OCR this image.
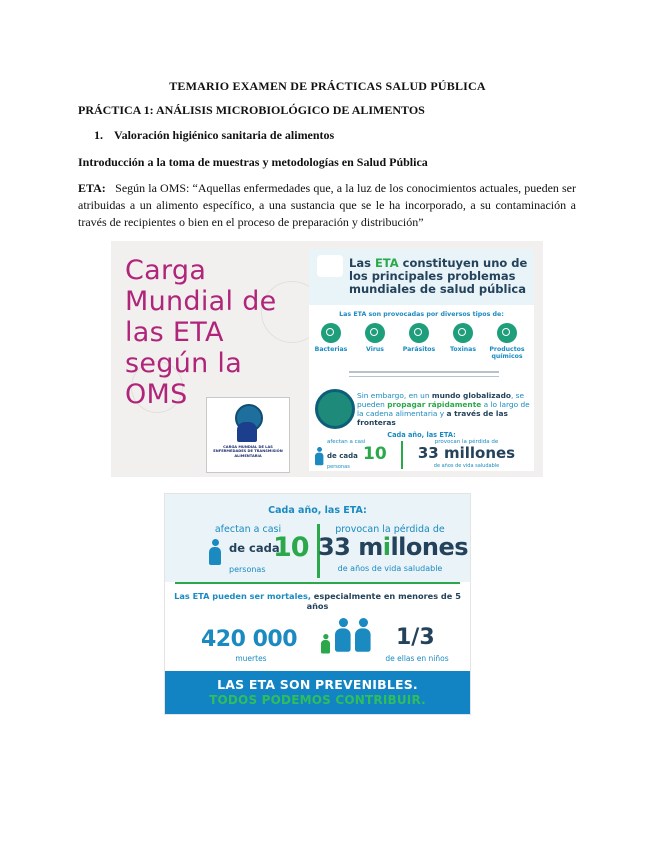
TEMARIO EXAMEN DE PRÁCTICAS SALUD PÚBLICA
PRÁCTICA 1: ANÁLISIS MICROBIOLÓGICO DE ALIMENTOS
1. Valoración higiénico sanitaria de alimentos
Introducción a la toma de muestras y metodologías en Salud Pública
ETA: Según la OMS: “Aquellas enfermedades que, a la luz de los conocimientos actuales, pueden ser atribuidas a un alimento específico, a una sustancia que se le ha incorporado, a su contaminación a través de recipientes o bien en el proceso de preparación y distribución”
Carga Mundial de las ETA según la OMS
CARGA MUNDIAL DE LAS ENFERMEDADES DE TRANSMISIÓN ALIMENTARIA
Las ETA constituyen uno de
los principales problemas mundiales de salud pública
Las ETA son provocadas por diversos tipos de:
Bacterias	Virus	Parásitos	Toxinas	Productos químicos
Sin embargo, en un mundo globalizado, se pueden propagar rápidamente a lo largo de la cadena alimentaria y a través de las fronteras
Cada año, las ETA:
afectan a casi
de cada 10
personas
provocan la pérdida de
33 millones
de años de vida saludable
Cada año, las ETA:
afectan a casi	provocan la pérdida de
de cada
10
personas
33 millones
de años de vida saludable
Las ETA pueden ser mortales, especialmente en menores de 5 años
420 000
muertes
1/3
de ellas en niños
LAS ETA SON PREVENIBLES.
TODOS PODEMOS CONTRIBUIR.
